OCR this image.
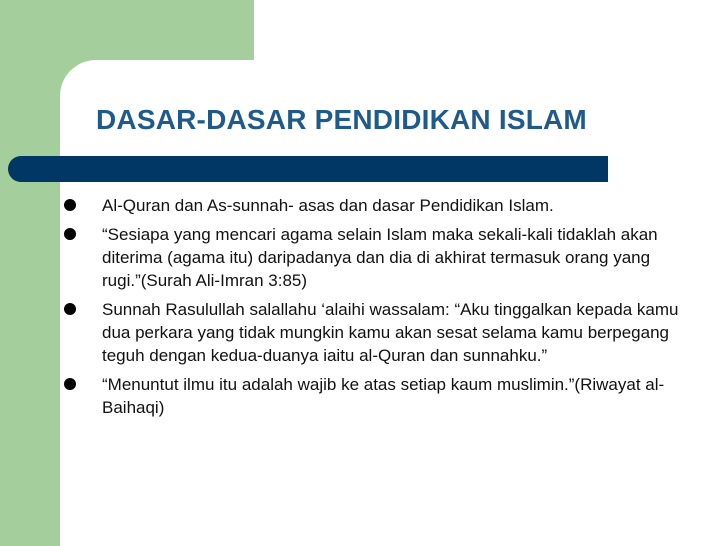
DASAR-DASAR PENDIDIKAN ISLAM
Al-Quran dan As-sunnah- asas dan dasar Pendidikan Islam.
“Sesiapa yang mencari agama selain Islam maka sekali-kali tidaklah akan diterima (agama itu) daripadanya dan dia di akhirat termasuk orang yang rugi.”(Surah Ali-Imran 3:85)
Sunnah Rasulullah salallahu ‘alaihi wassalam: “Aku tinggalkan kepada kamu dua perkara yang tidak mungkin kamu akan sesat selama kamu berpegang teguh dengan kedua-duanya iaitu al-Quran dan sunnahku.”
“Menuntut ilmu itu adalah wajib ke atas setiap kaum muslimin.”(Riwayat al-Baihaqi)
